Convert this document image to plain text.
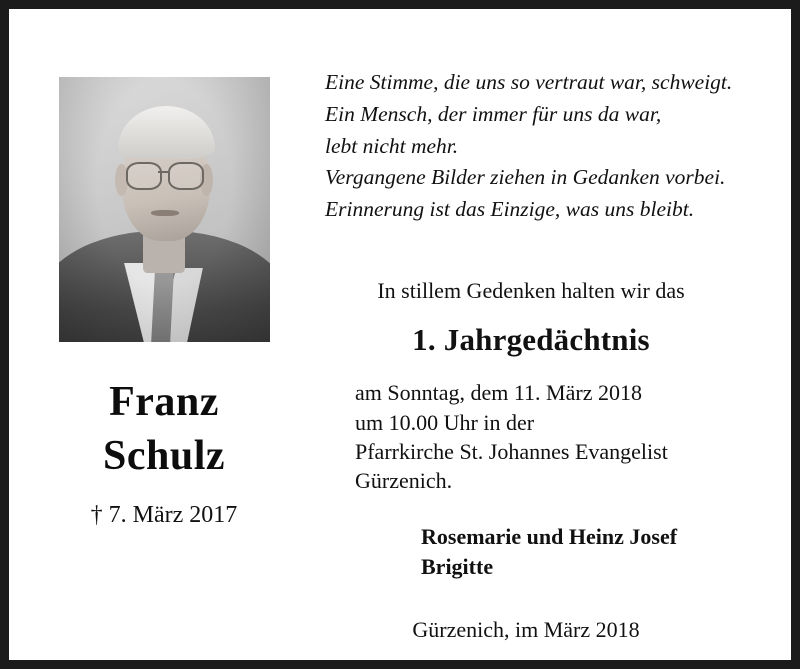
Franz
Schulz
† 7. März 2017
Eine Stimme, die uns so vertraut war, schweigt.
Ein Mensch, der immer für uns da war,
lebt nicht mehr.
Vergangene Bilder ziehen in Gedanken vorbei.
Erinnerung ist das Einzige, was uns bleibt.
In stillem Gedenken halten wir das
1. Jahrgedächtnis
am Sonntag, dem 11. März 2018
um 10.00 Uhr in der
Pfarrkirche St. Johannes Evangelist
Gürzenich.
Rosemarie und Heinz Josef
Brigitte
Gürzenich, im März 2018
